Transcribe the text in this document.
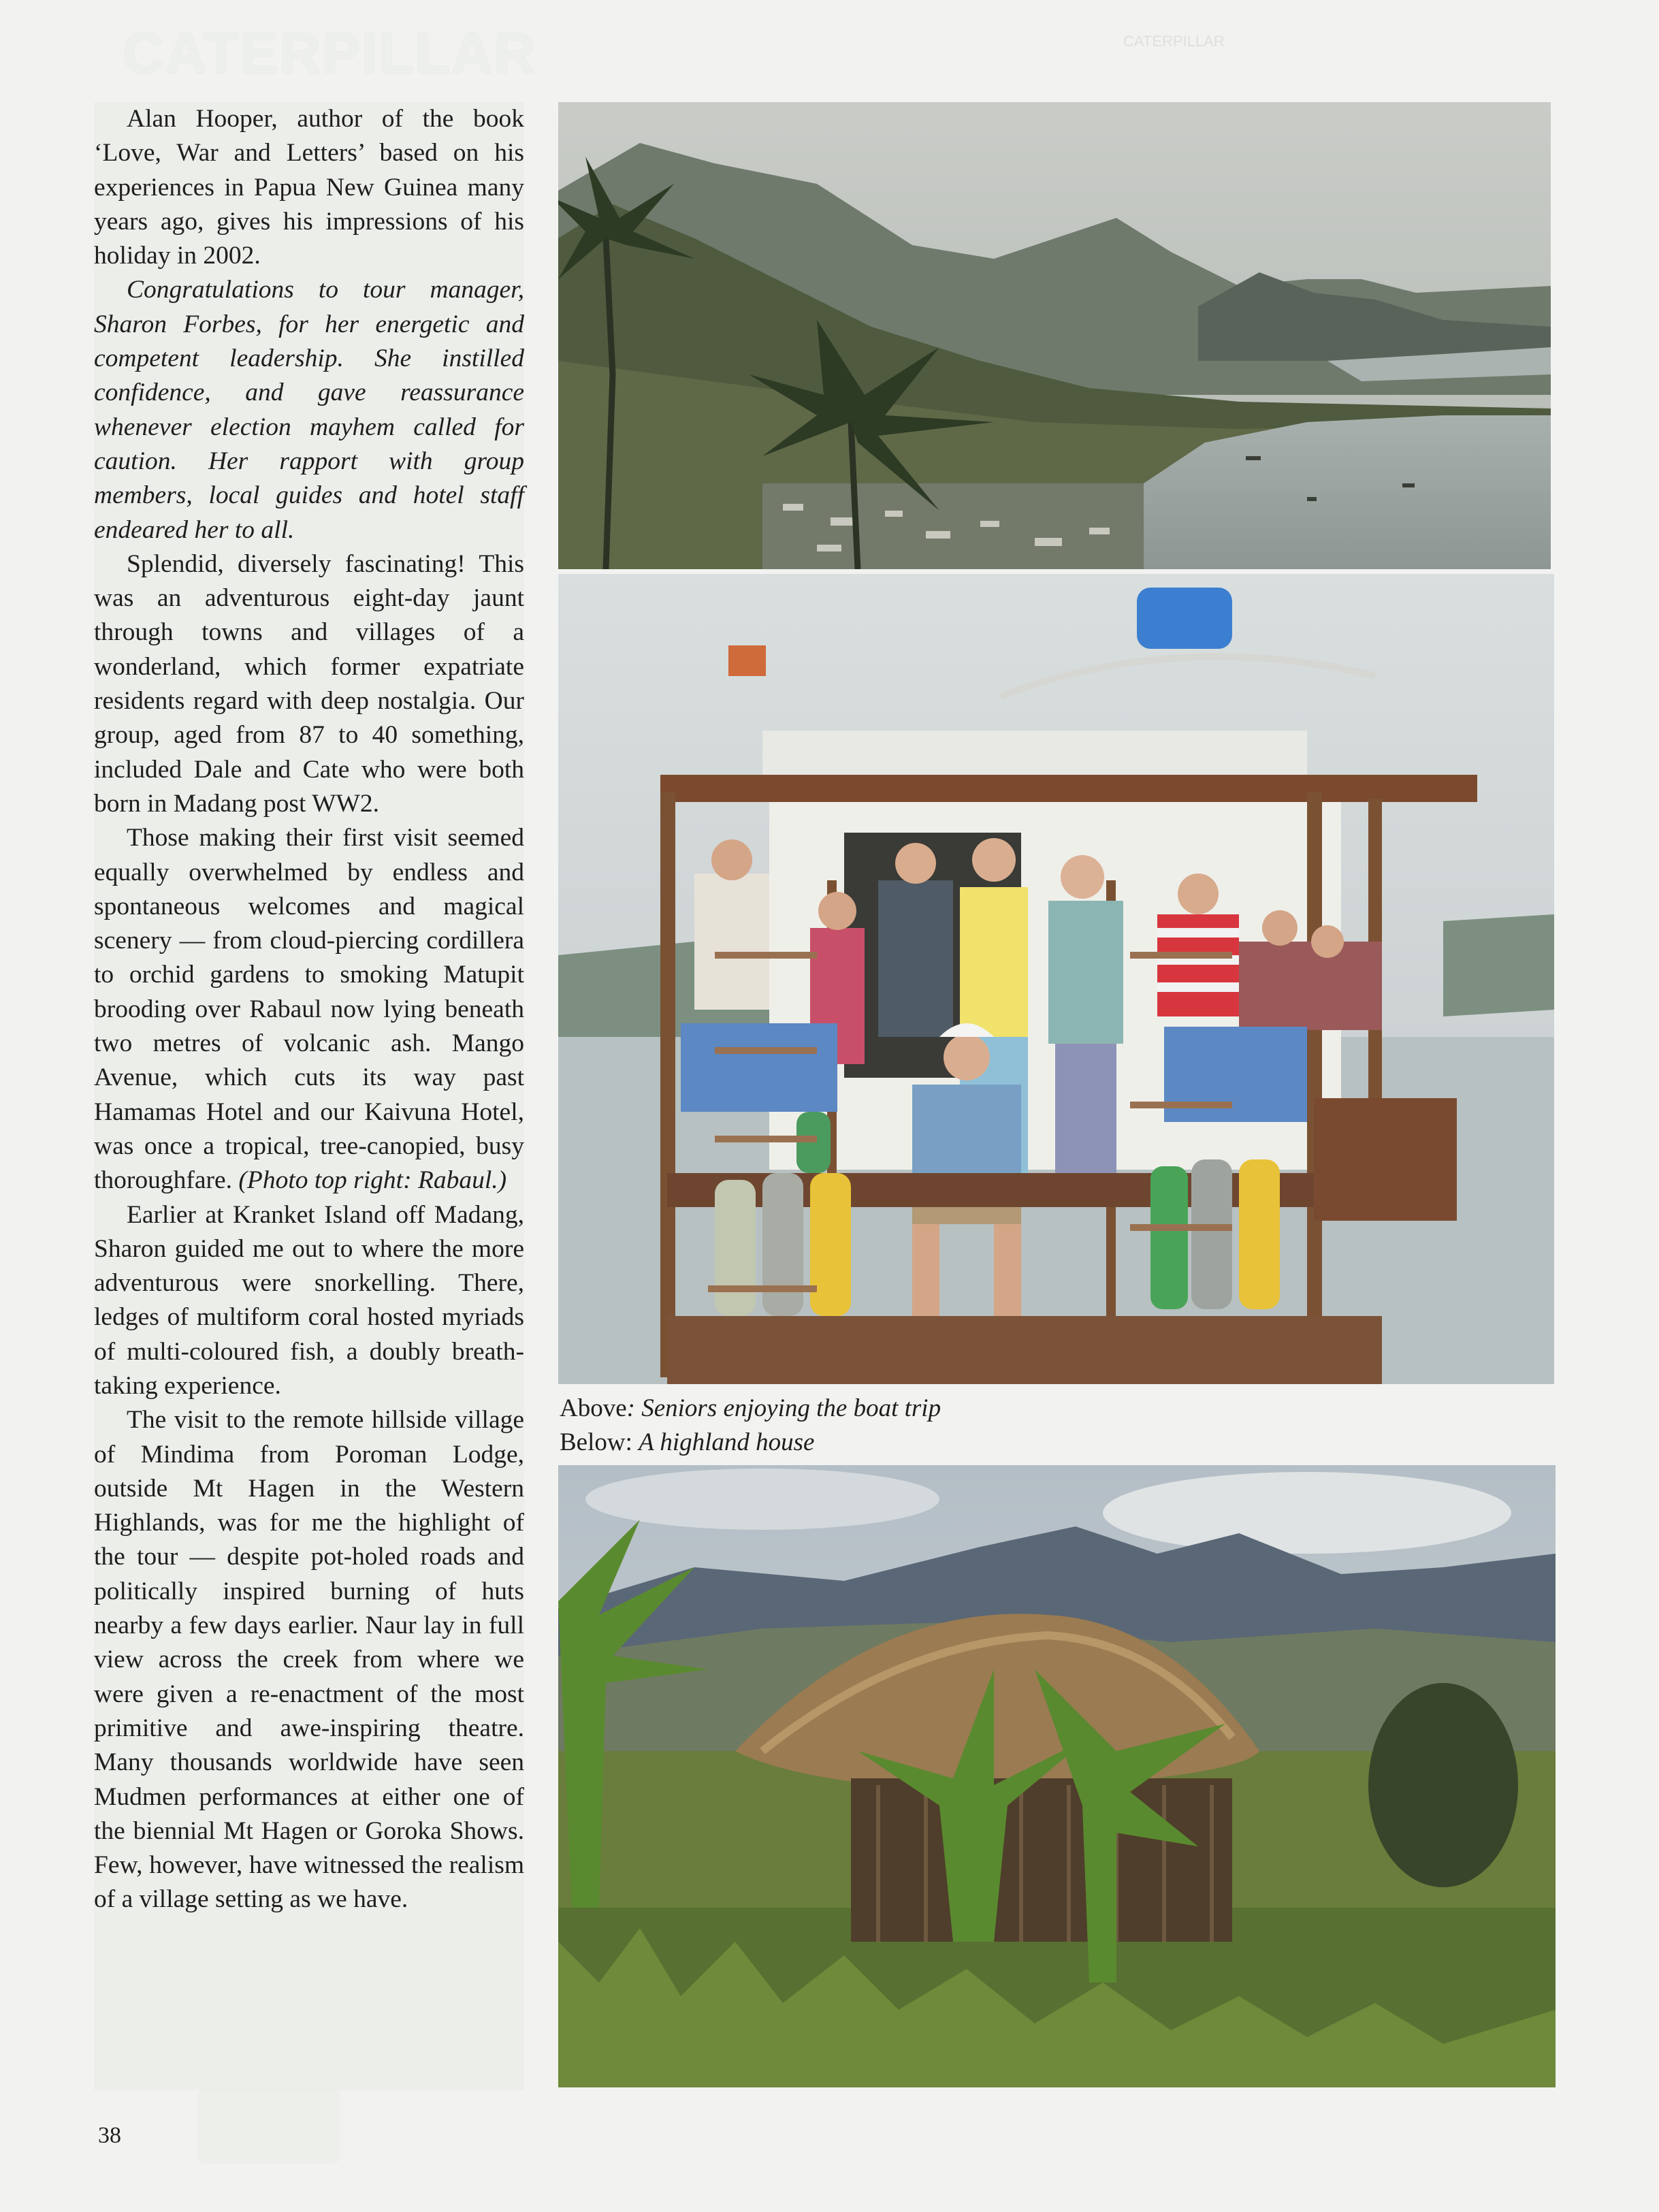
CATERPILLAR	CATERPILLAR

Alan Hooper, author of the book ‘Love, War and Letters’ based on his experiences in Papua New Guinea many years ago, gives his impressions of his holiday in 2002.

Congratulations to tour manager, Sharon Forbes, for her energetic and competent leadership. She instilled confidence, and gave reassurance whenever election mayhem called for caution. Her rapport with group members, local guides and hotel staff endeared her to all.

Splendid, diversely fascinating! This was an adventurous eight-day jaunt through towns and villages of a wonderland, which former expatriate residents regard with deep nostalgia. Our group, aged from 87 to 40 something, included Dale and Cate who were both born in Madang post WW2.

Those making their first visit seemed equally overwhelmed by endless and spontaneous welcomes and magical scenery — from cloud-piercing cordillera to orchid gardens to smoking Matupit brooding over Rabaul now lying beneath two metres of volcanic ash. Mango Avenue, which cuts its way past Hamamas Hotel and our Kaivuna Hotel, was once a tropical, tree-canopied, busy thoroughfare. (Photo top right: Rabaul.)

Earlier at Kranket Island off Madang, Sharon guided me out to where the more adventurous were snorkelling. There, ledges of multiform coral hosted myriads of multi-coloured fish, a doubly breath-taking experience.

The visit to the remote hillside village of Mindima from Poroman Lodge, outside Mt Hagen in the Western Highlands, was for me the highlight of the tour — despite pot-holed roads and politically inspired burning of huts nearby a few days earlier. Naur lay in full view across the creek from where we were given a re-enactment of the most primitive and awe-inspiring theatre. Many thousands worldwide have seen Mudmen performances at either one of the biennial Mt Hagen or Goroka Shows. Few, however, have witnessed the realism of a village setting as we have.

Above: Seniors enjoying the boat trip
Below: A highland house
38
